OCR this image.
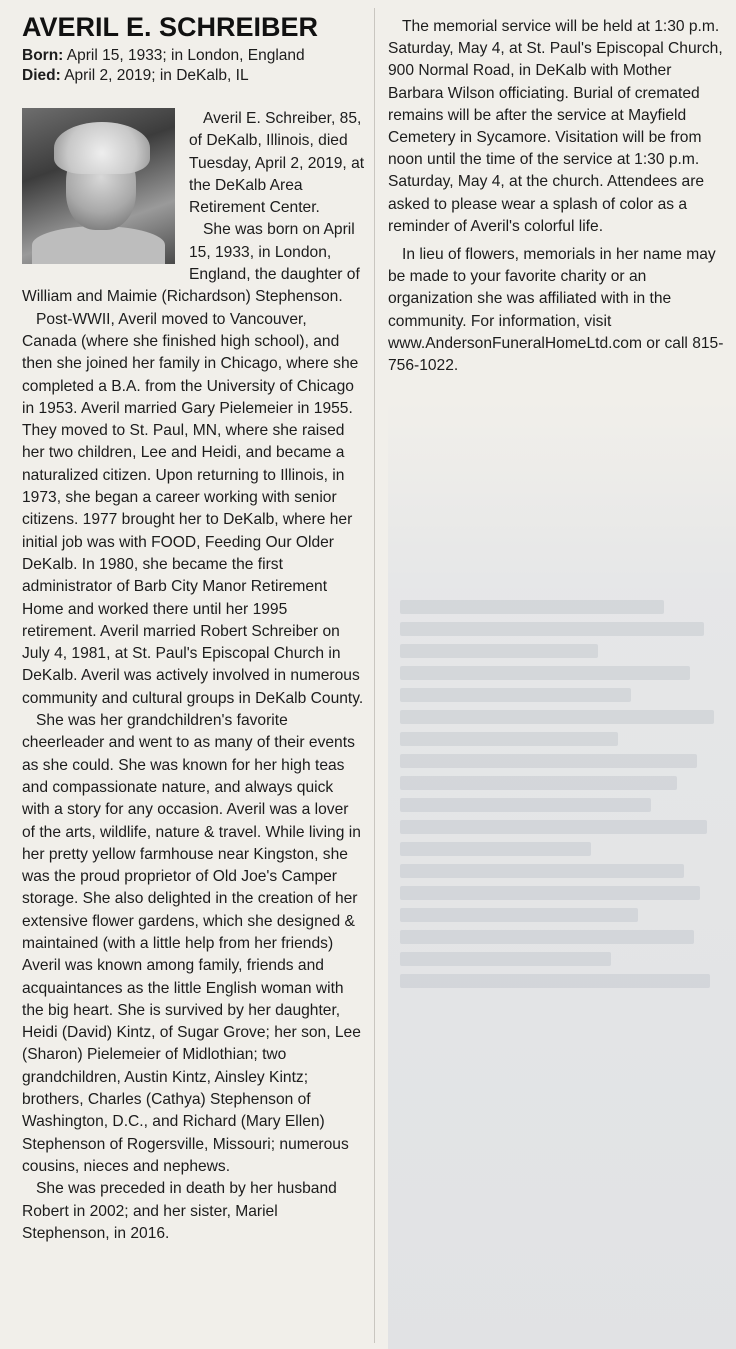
AVERIL E. SCHREIBER

Born: April 15, 1933; in London, England

Died: April 2, 2019; in DeKalb, IL

Averil E. Schreiber, 85, of DeKalb, Illinois, died Tuesday, April 2, 2019, at the DeKalb Area Retirement Center.

She was born on April 15, 1933, in London, England, the daughter of William and Maimie (Richardson) Stephenson.

Post-WWII, Averil moved to Vancouver, Canada (where she finished high school), and then she joined her family in Chicago, where she completed a B.A. from the University of Chicago in 1953. Averil married Gary Pielemeier in 1955. They moved to St. Paul, MN, where she raised her two children, Lee and Heidi, and became a naturalized citizen. Upon returning to Illinois, in 1973, she began a career working with senior citizens. 1977 brought her to DeKalb, where her initial job was with FOOD, Feeding Our Older DeKalb. In 1980, she became the first administrator of Barb City Manor Retirement Home and worked there until her 1995 retirement. Averil married Robert Schreiber on July 4, 1981, at St. Paul's Episcopal Church in DeKalb. Averil was actively involved in numerous community and cultural groups in DeKalb County.

She was her grandchildren's favorite cheerleader and went to as many of their events as she could. She was known for her high teas and compassionate nature, and always quick with a story for any occasion. Averil was a lover of the arts, wildlife, nature & travel. While living in her pretty yellow farmhouse near Kingston, she was the proud proprietor of Old Joe's Camper storage. She also delighted in the creation of her extensive flower gardens, which she designed & maintained (with a little help from her friends) Averil was known among family, friends and acquaintances as the little English woman with the big heart. She is survived by her daughter, Heidi (David) Kintz, of Sugar Grove; her son, Lee (Sharon) Pielemeier of Midlothian; two grandchildren, Austin Kintz, Ainsley Kintz; brothers, Charles (Cathya) Stephenson of Washington, D.C., and Richard (Mary Ellen) Stephenson of Rogersville, Missouri; numerous cousins, nieces and nephews.

She was preceded in death by her husband Robert in 2002; and her sister, Mariel Stephenson, in 2016.

The memorial service will be held at 1:30 p.m. Saturday, May 4, at St. Paul's Episcopal Church, 900 Normal Road, in DeKalb with Mother Barbara Wilson officiating. Burial of cremated remains will be after the service at Mayfield Cemetery in Sycamore. Visitation will be from noon until the time of the service at 1:30 p.m. Saturday, May 4, at the church. Attendees are asked to please wear a splash of color as a reminder of Averil's colorful life.

In lieu of flowers, memorials in her name may be made to your favorite charity or an organization she was affiliated with in the community. For information, visit www.AndersonFuneralHomeLtd.com or call 815-756-1022.
